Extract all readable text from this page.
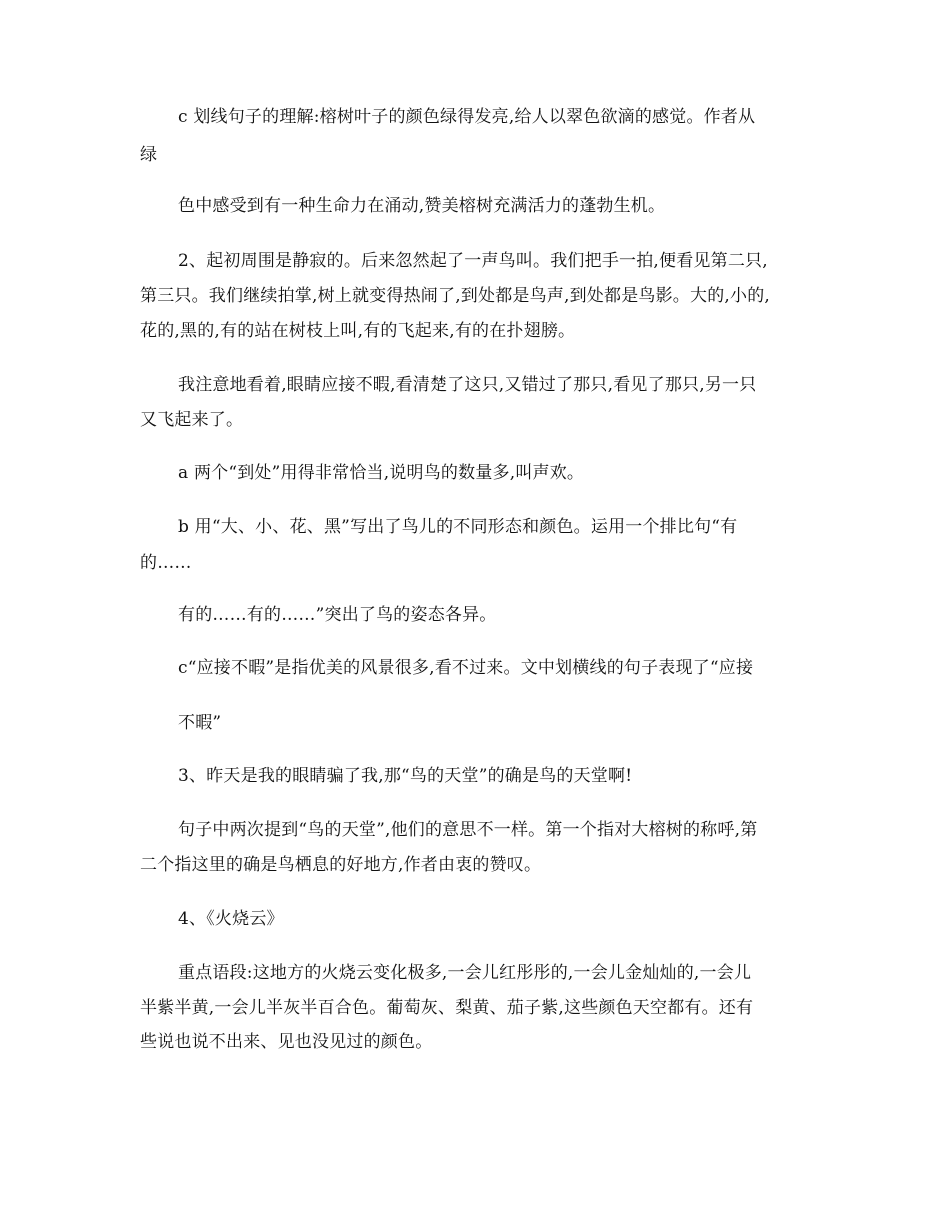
c 划线句子的理解:榕树叶子的颜色绿得发亮,给人以翠色欲滴的感觉。作者从

绿

色中感受到有一种生命力在涌动,赞美榕树充满活力的蓬勃生机。

2、起初周围是静寂的。后来忽然起了一声鸟叫。我们把手一拍,便看见第二只,

第三只。我们继续拍掌,树上就变得热闹了,到处都是鸟声,到处都是鸟影。大的,小的,

花的,黑的,有的站在树枝上叫,有的飞起来,有的在扑翅膀。

我注意地看着,眼睛应接不暇,看清楚了这只,又错过了那只,看见了那只,另一只

又飞起来了。

a 两个“到处”用得非常恰当,说明鸟的数量多,叫声欢。

b 用“大、小、花、黑”写出了鸟儿的不同形态和颜色。运用一个排比句“有

的……

有的……有的……”突出了鸟的姿态各异。

c“应接不暇”是指优美的风景很多,看不过来。文中划横线的句子表现了“应接

不暇”

3、昨天是我的眼睛骗了我,那“鸟的天堂”的确是鸟的天堂啊!

句子中两次提到“鸟的天堂”,他们的意思不一样。第一个指对大榕树的称呼,第

二个指这里的确是鸟栖息的好地方,作者由衷的赞叹。

4、《火烧云》

重点语段:这地方的火烧云变化极多,一会儿红彤彤的,一会儿金灿灿的,一会儿

半紫半黄,一会儿半灰半百合色。葡萄灰、梨黄、茄子紫,这些颜色天空都有。还有

些说也说不出来、见也没见过的颜色。
